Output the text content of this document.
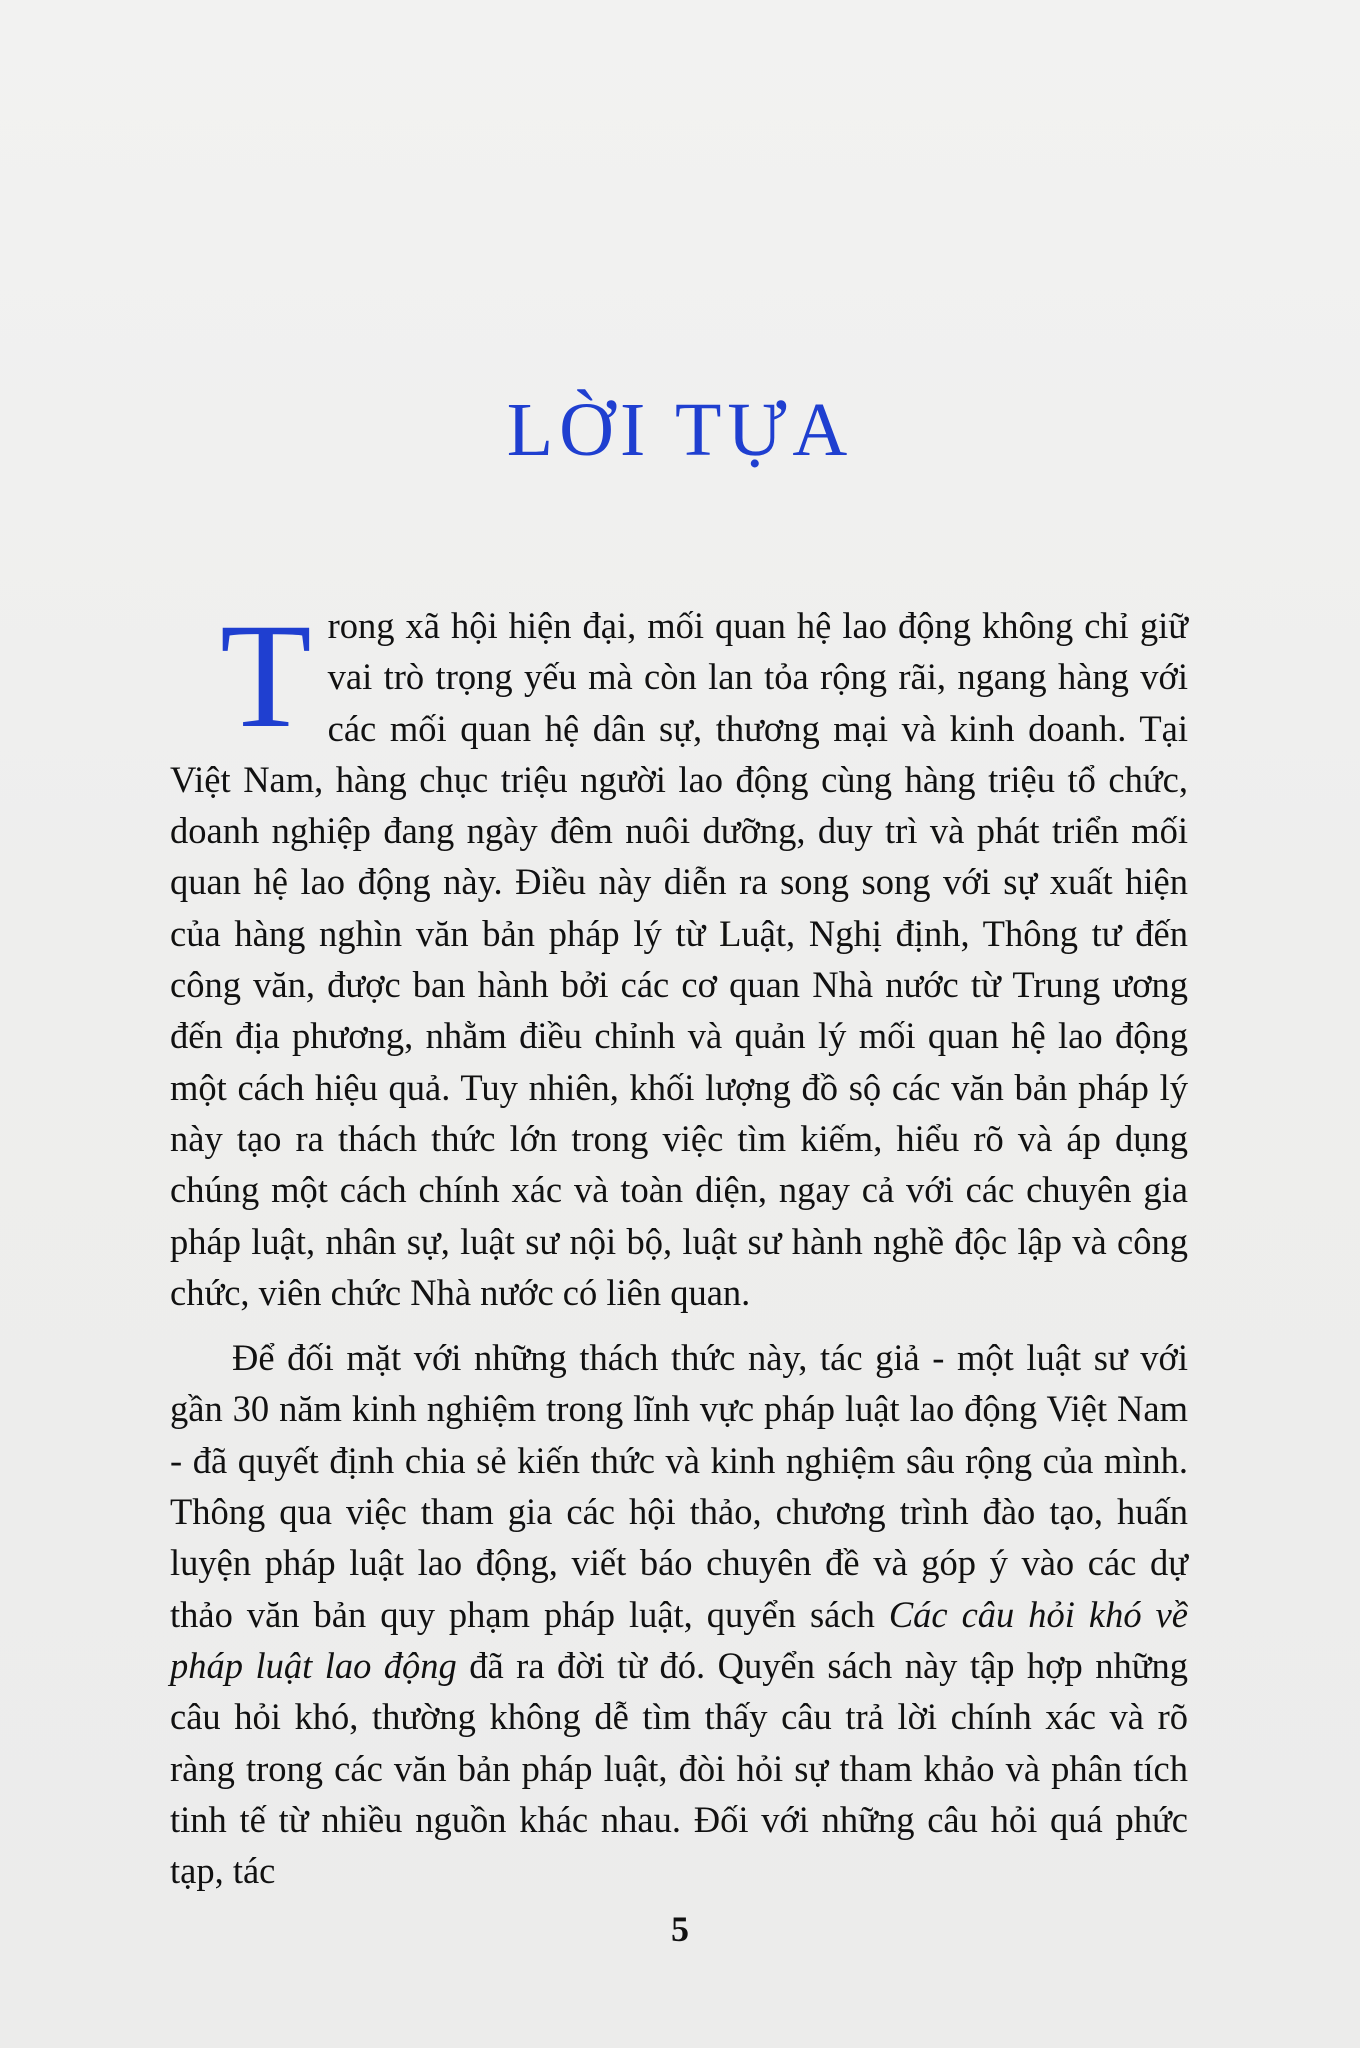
LỜI TỰA

Trong xã hội hiện đại, mối quan hệ lao động không chỉ giữ vai trò trọng yếu mà còn lan tỏa rộng rãi, ngang hàng với các mối quan hệ dân sự, thương mại và kinh doanh. Tại Việt Nam, hàng chục triệu người lao động cùng hàng triệu tổ chức, doanh nghiệp đang ngày đêm nuôi dưỡng, duy trì và phát triển mối quan hệ lao động này. Điều này diễn ra song song với sự xuất hiện của hàng nghìn văn bản pháp lý từ Luật, Nghị định, Thông tư đến công văn, được ban hành bởi các cơ quan Nhà nước từ Trung ương đến địa phương, nhằm điều chỉnh và quản lý mối quan hệ lao động một cách hiệu quả. Tuy nhiên, khối lượng đồ sộ các văn bản pháp lý này tạo ra thách thức lớn trong việc tìm kiếm, hiểu rõ và áp dụng chúng một cách chính xác và toàn diện, ngay cả với các chuyên gia pháp luật, nhân sự, luật sư nội bộ, luật sư hành nghề độc lập và công chức, viên chức Nhà nước có liên quan.

Để đối mặt với những thách thức này, tác giả - một luật sư với gần 30 năm kinh nghiệm trong lĩnh vực pháp luật lao động Việt Nam - đã quyết định chia sẻ kiến thức và kinh nghiệm sâu rộng của mình. Thông qua việc tham gia các hội thảo, chương trình đào tạo, huấn luyện pháp luật lao động, viết báo chuyên đề và góp ý vào các dự thảo văn bản quy phạm pháp luật, quyển sách Các câu hỏi khó về pháp luật lao động đã ra đời từ đó. Quyển sách này tập hợp những câu hỏi khó, thường không dễ tìm thấy câu trả lời chính xác và rõ ràng trong các văn bản pháp luật, đòi hỏi sự tham khảo và phân tích tinh tế từ nhiều nguồn khác nhau. Đối với những câu hỏi quá phức tạp, tác

5
